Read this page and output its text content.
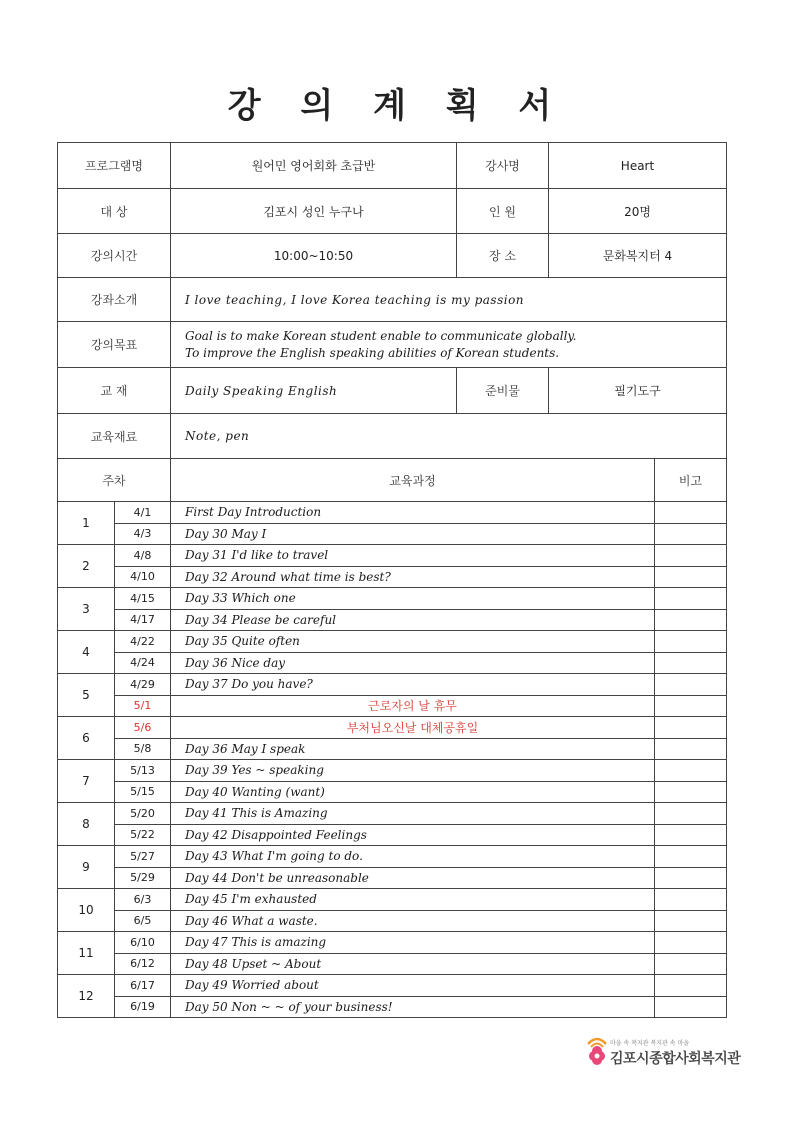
강 의 계 획 서
프로그램명		원어민 영어회화 초급반	강사명	Heart	
대 상		김포시 성인 누구나	인 원	20명	
강의시간		10:00~10:50	장 소	문화복지터 4	
강좌소개		I love teaching, I love Korea teaching is my passion			
강의목표		Goal is to make Korean student enable to communicate globally.
To improve the English speaking abilities of Korean students.			

교 재		Daily Speaking English	준비물	필기도구	
교육재료		Note, pen			
주차		교육과정			비고
1	4/1	First Day Introduction			
	4/3	Day 30 May I			
2	4/8	Day 31 I'd like to travel			
	4/10	Day 32 Around what time is best?			
3	4/15	Day 33 Which one			
	4/17	Day 34 Please be careful			
4	4/22	Day 35 Quite often			
	4/24	Day 36 Nice day			
5	4/29	Day 37 Do you have?			
	5/1	근로자의 날 휴무			
6	5/6	부처님오신날 대체공휴일			
	5/8	Day 36 May I speak			
7	5/13	Day 39 Yes ~ speaking			
	5/15	Day 40 Wanting (want)			
8	5/20	Day 41 This is Amazing			
	5/22	Day 42 Disappointed Feelings			
9	5/27	Day 43 What I'm going to do.			
	5/29	Day 44 Don't be unreasonable			
10	6/3	Day 45 I'm exhausted			
	6/5	Day 46 What a waste.			
11	6/10	Day 47 This is amazing			
	6/12	Day 48 Upset ~ About			
12	6/17	Day 49 Worried about			
	6/19	Day 50 Non ~ ~ of your business!			
마을 속 복지관 복지관 속 마을
김포시종합사회복지관
